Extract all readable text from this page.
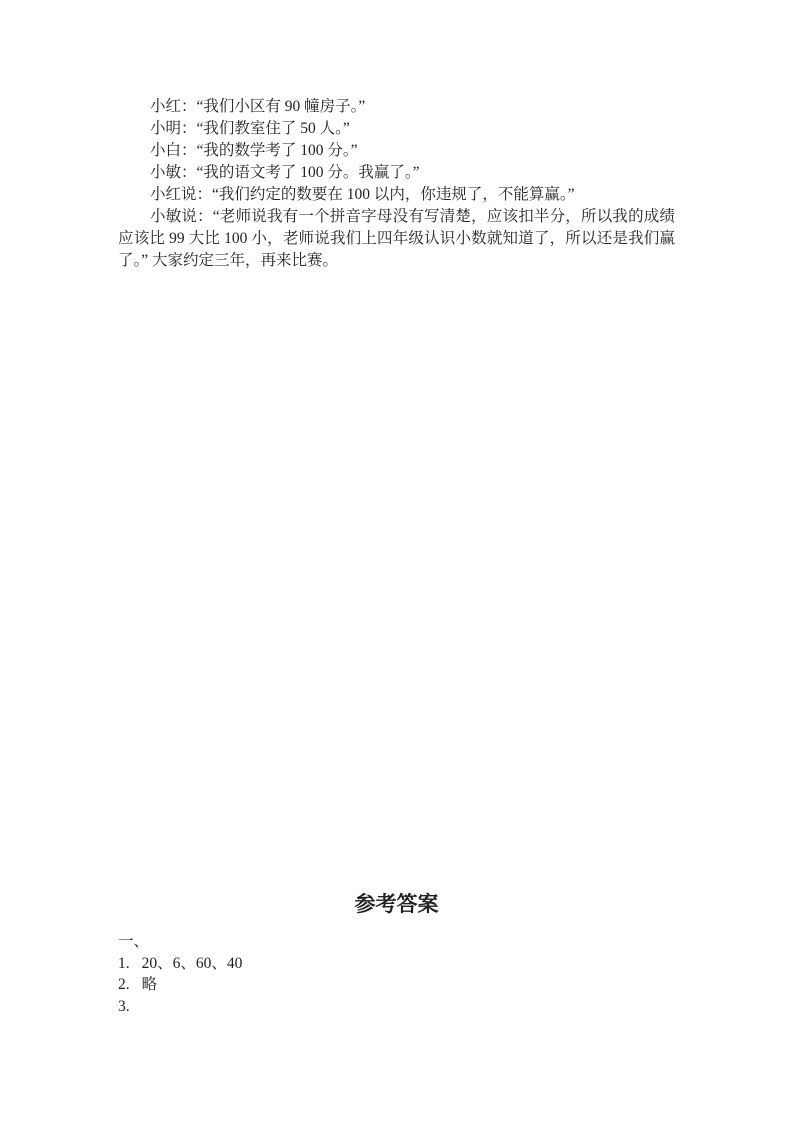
小红：“我们小区有 90 幢房子。”

小明：“我们教室住了 50 人。”

小白：“我的数学考了 100 分。”

小敏：“我的语文考了 100 分。我赢了。”

小红说：“我们约定的数要在 100 以内，你违规了，不能算赢。”

小敏说：“老师说我有一个拼音字母没有写清楚，应该扣半分，所以我的成绩应该比 99 大比 100 小，老师说我们上四年级认识小数就知道了，所以还是我们赢了。” 大家约定三年，再来比赛。

参考答案
一、
1. 20、6、60、40
2. 略
3.
